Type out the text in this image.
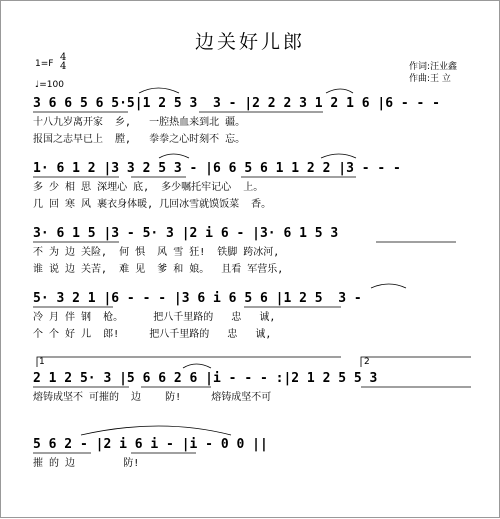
边关好儿郎
1=F
4
4
♩=100
作词:汪业鑫
作曲:王 立
3 6 6 5 6 5·5|1 2 5 3  3 - |2 2 2 3 1 2 1 6 |6 - - -
十八九岁离开家  乡,   一腔热血来到北 疆。
报国之志早已上  膛,   拳拳之心时刻不 忘。
1· 6 1 2 |3 3 2 5 3 - |6 6 5 6 1 1 2 2 |3 - - -
多 少 相 思 深埋心 底,  多少嘱托牢记心  上。
几 回 寒 风 裹衣身体暖, 几回冰雪就馍饭菜  香。
3· 6 1 5 |3 - 5· 3 |2 i 6 - |3· 6 1 5 3
不 为 边 关险,  何 惧  风 雪 狂!  铁脚 跨冰河,
谁 说 边 关苦,  难 见  爹 和 娘。  且看 军营乐,
5· 3 2 1 |6 - - - |3 6 i 6 5 6 |1 2 5  3 -
冷 月 伴 钢  枪。     把八千里路的   忠   诚,
个 个 好 儿  郎!     把八千里路的   忠   诚,
2 1 2 5· 3 |5 6 6 2 6 |i - - - :|2 1 2 5 5 3
熔铸成坚不 可摧的  边    防!     熔铸成坚不可
1	2
5 6 2 - |2 i 6 i - |i - 0 0 ||
摧 的 边        防!
